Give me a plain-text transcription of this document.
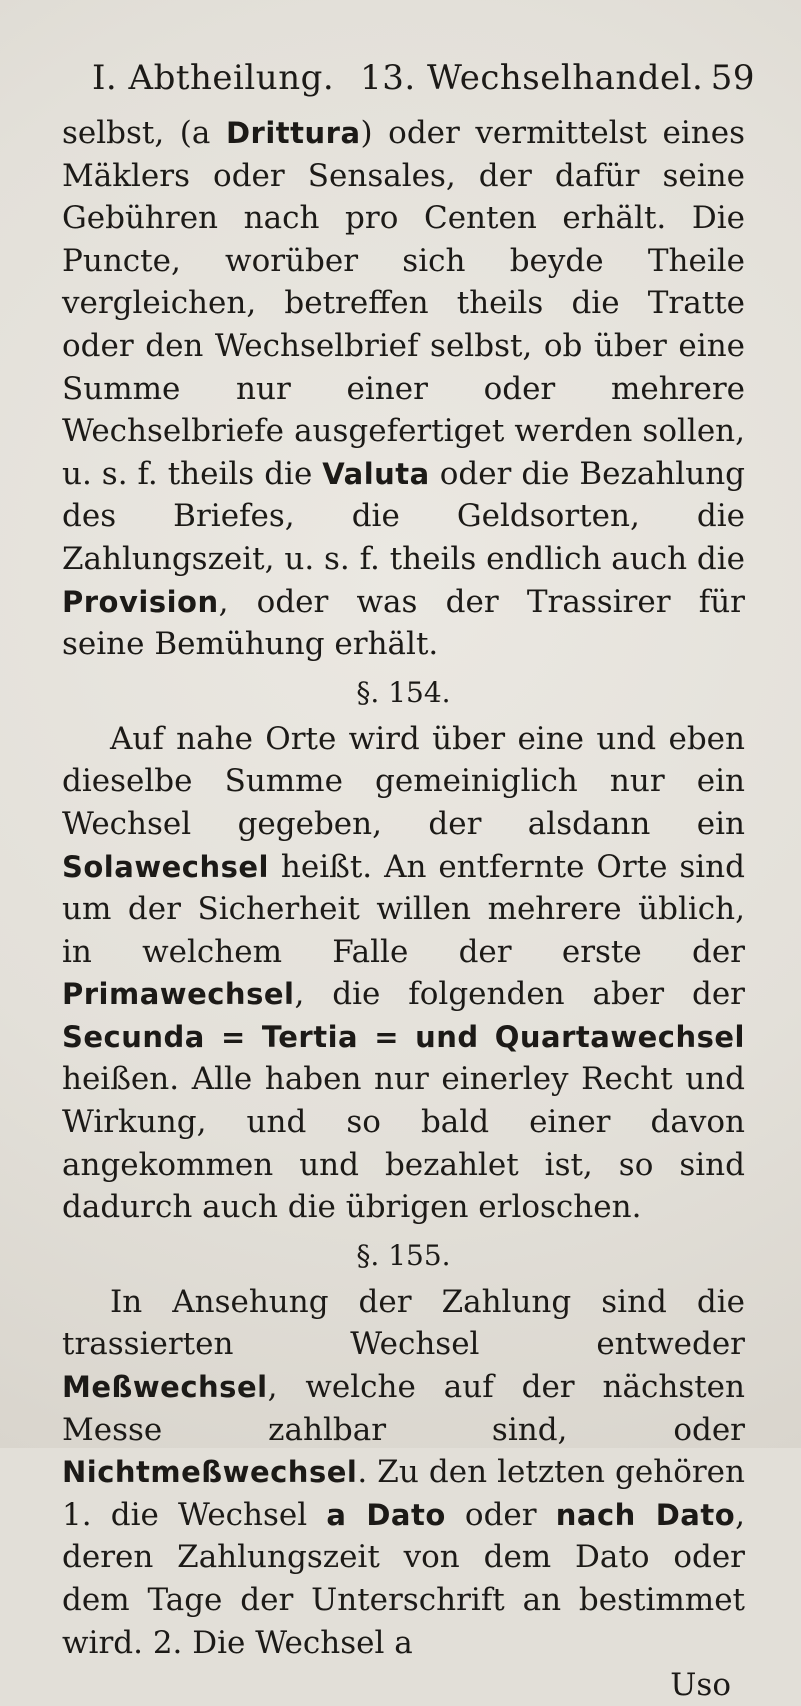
I. Abtheilung. 13. Wechselhandel. 59

selbst, (a Drittura) oder vermittelst eines Mäklers oder Sensales, der dafür seine Gebühren nach pro Centen erhält. Die Puncte, worüber sich beyde Theile vergleichen, betreffen theils die Tratte oder den Wechselbrief selbst, ob über eine Summe nur einer oder mehrere Wechselbriefe ausgefertiget werden sollen, u. s. f. theils die Valuta oder die Bezahlung des Briefes, die Geldsorten, die Zahlungszeit, u. s. f. theils endlich auch die Provision, oder was der Trassirer für seine Bemühung erhält.

§. 154.

Auf nahe Orte wird über eine und eben dieselbe Summe gemeiniglich nur ein Wechsel gegeben, der alsdann ein Solawechsel heißt. An entfernte Orte sind um der Sicherheit willen mehrere üblich, in welchem Falle der erste der Primawechsel, die folgenden aber der Secunda = Tertia = und Quartawechsel heißen. Alle haben nur einerley Recht und Wirkung, und so bald einer davon angekommen und bezahlet ist, so sind dadurch auch die übrigen erloschen.

§. 155.

In Ansehung der Zahlung sind die trassierten Wechsel entweder Meßwechsel, welche auf der nächsten Messe zahlbar sind, oder Nichtmeßwechsel. Zu den letzten gehören 1. die Wechsel a Dato oder nach Dato, deren Zahlungszeit von dem Dato oder dem Tage der Unterschrift an bestimmet wird. 2. Die Wechsel a

Uso
